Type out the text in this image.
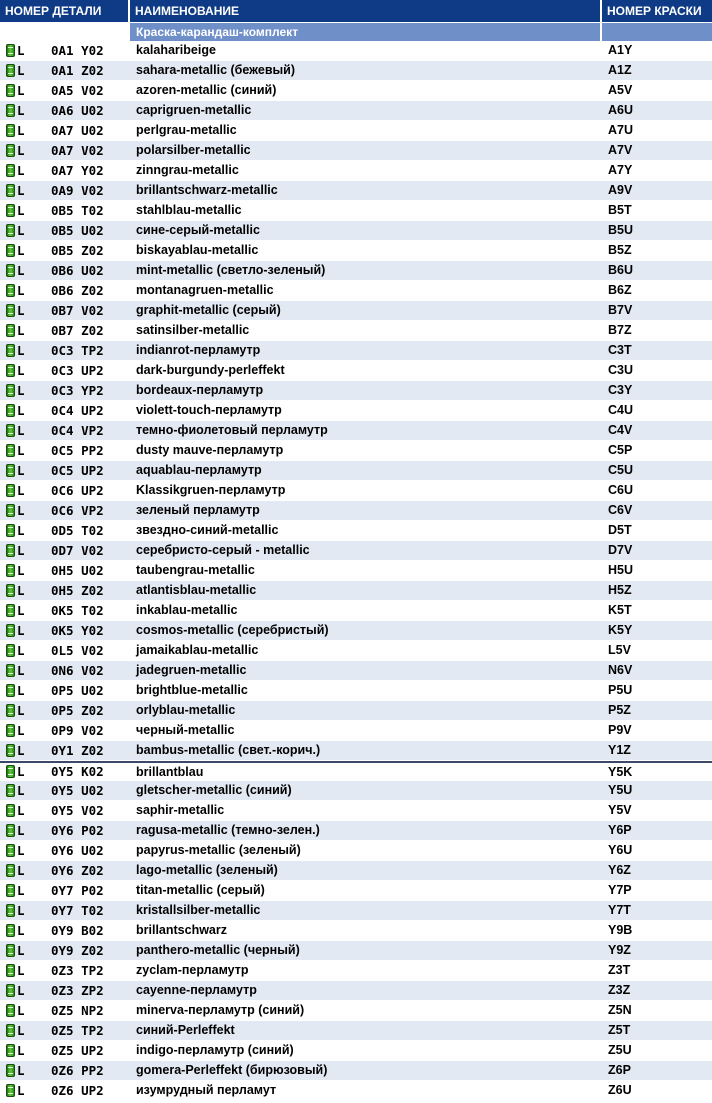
НОМЕР ДЕТАЛИ	НАИМЕНОВАНИЕ	НОМЕР КРАСКИ
Краска-карандаш-комплект
L	0A1 Y02	kalaharibeige	A1Y
L	0A1 Z02	sahara-metallic (бежевый)	A1Z
L	0A5 V02	azoren-metallic (синий)	A5V
L	0A6 U02	caprigruen-metallic	A6U
L	0A7 U02	perlgrau-metallic	A7U
L	0A7 V02	polarsilber-metallic	A7V
L	0A7 Y02	zinngrau-metallic	A7Y
L	0A9 V02	brillantschwarz-metallic	A9V
L	0B5 T02	stahlblau-metallic	B5T
L	0B5 U02	сине-серый-metallic	B5U
L	0B5 Z02	biskayablau-metallic	B5Z
L	0B6 U02	mint-metallic (светло-зеленый)	B6U
L	0B6 Z02	montanagruen-metallic	B6Z
L	0B7 V02	graphit-metallic (серый)	B7V
L	0B7 Z02	satinsilber-metallic	B7Z
L	0C3 TP2	indianrot-перламутр	C3T
L	0C3 UP2	dark-burgundy-perleffekt	C3U
L	0C3 YP2	bordeaux-перламутр	C3Y
L	0C4 UP2	violett-touch-перламутр	C4U
L	0C4 VP2	темно-фиолетовый перламутр	C4V
L	0C5 PP2	dusty mauve-перламутр	C5P
L	0C5 UP2	aquablau-перламутр	C5U
L	0C6 UP2	Klassikgruen-перламутр	C6U
L	0C6 VP2	зеленый перламутр	C6V
L	0D5 T02	звездно-синий-metallic	D5T
L	0D7 V02	серебристо-серый - metallic	D7V
L	0H5 U02	taubengrau-metallic	H5U
L	0H5 Z02	atlantisblau-metallic	H5Z
L	0K5 T02	inkablau-metallic	K5T
L	0K5 Y02	cosmos-metallic (серебристый)	K5Y
L	0L5 V02	jamaikablau-metallic	L5V
L	0N6 V02	jadegruen-metallic	N6V
L	0P5 U02	brightblue-metallic	P5U
L	0P5 Z02	orlyblau-metallic	P5Z
L	0P9 V02	черный-metallic	P9V
L	0Y1 Z02	bambus-metallic (свет.-корич.)	Y1Z
L	0Y5 K02	brillantblau	Y5K
L	0Y5 U02	gletscher-metallic (синий)	Y5U
L	0Y5 V02	saphir-metallic	Y5V
L	0Y6 P02	ragusa-metallic (темно-зелен.)	Y6P
L	0Y6 U02	papyrus-metallic (зеленый)	Y6U
L	0Y6 Z02	lago-metallic (зеленый)	Y6Z
L	0Y7 P02	titan-metallic (серый)	Y7P
L	0Y7 T02	kristallsilber-metallic	Y7T
L	0Y9 B02	brillantschwarz	Y9B
L	0Y9 Z02	panthero-metallic (черный)	Y9Z
L	0Z3 TP2	zyclam-перламутр	Z3T
L	0Z3 ZP2	cayenne-перламутр	Z3Z
L	0Z5 NP2	minerva-перламутр (синий)	Z5N
L	0Z5 TP2	синий-Perleffekt	Z5T
L	0Z5 UP2	indigo-перламутр (синий)	Z5U
L	0Z6 PP2	gomera-Perleffekt (бирюзовый)	Z6P
L	0Z6 UP2	изумрудный перламут	Z6U
